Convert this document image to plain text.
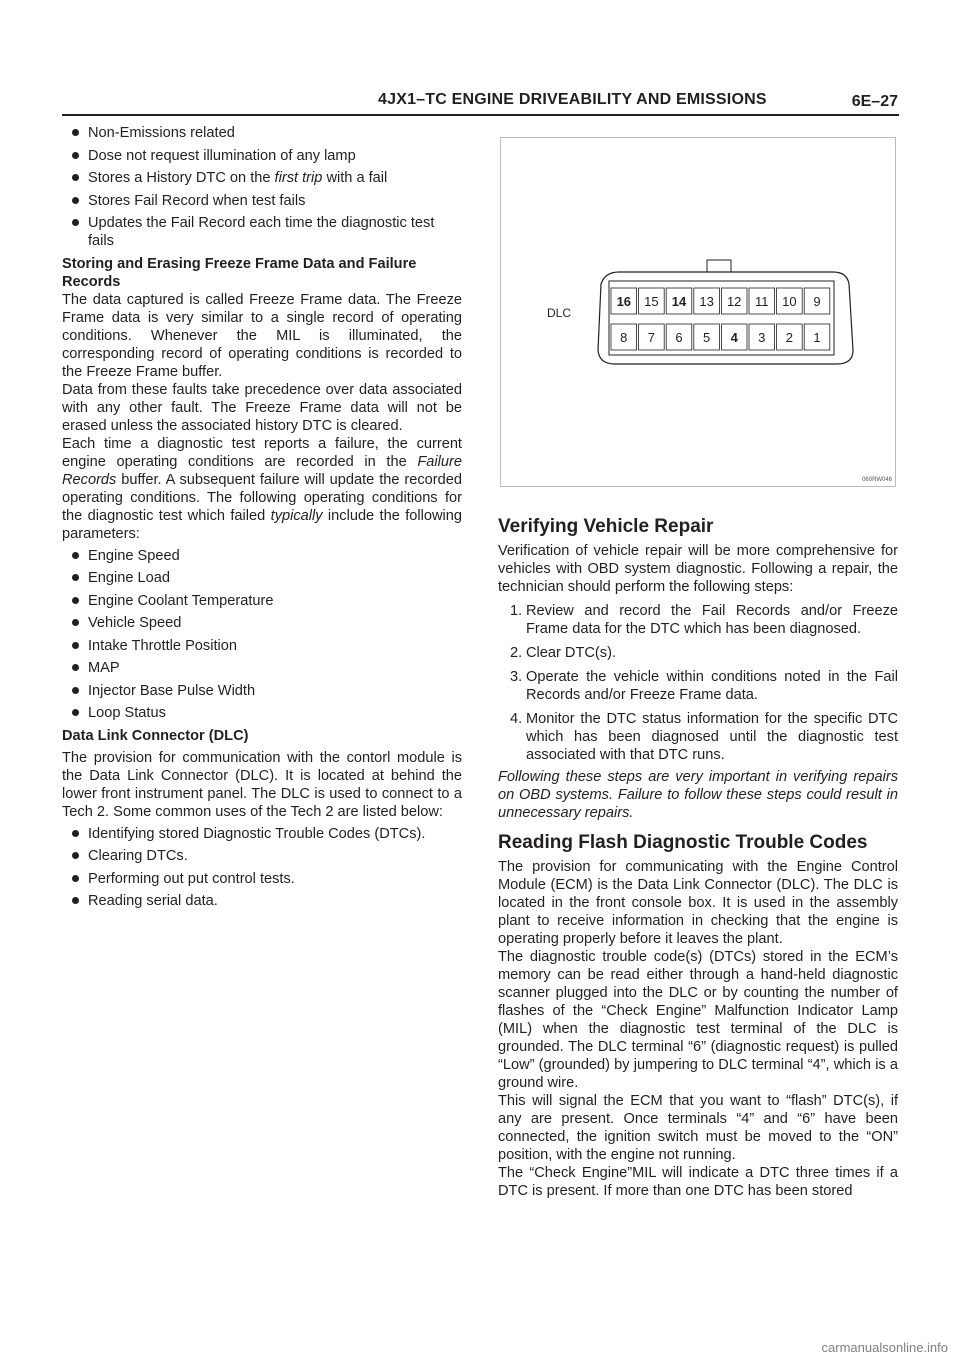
4JX1–TC ENGINE DRIVEABILITY AND EMISSIONS	6E–27
Non-Emissions related
Dose not request illumination of any lamp
Stores a History DTC on the first trip with a fail
Stores Fail Record when test fails
Updates the Fail Record each time the diagnostic test fails
Storing and Erasing Freeze Frame Data and Failure Records
The data captured is called Freeze Frame data. The Freeze Frame data is very similar to a single record of operating conditions. Whenever the MIL is illuminated, the corresponding record of operating conditions is recorded to the Freeze Frame buffer.
Data from these faults take precedence over data associated with any other fault. The Freeze Frame data will not be erased unless the associated history DTC is cleared.
Each time a diagnostic test reports a failure, the current engine operating conditions are recorded in the Failure Records buffer. A subsequent failure will update the recorded operating conditions. The following operating conditions for the diagnostic test which failed typically include the following parameters:
Engine Speed
Engine Load
Engine Coolant Temperature
Vehicle Speed
Intake Throttle Position
MAP
Injector Base Pulse Width
Loop Status
Data Link Connector (DLC)
The provision for communication with the contorl module is the Data Link Connector (DLC). It is located at behind the lower front instrument panel. The DLC is used to connect to a Tech 2. Some common uses of the Tech 2 are listed below:
Identifying stored Diagnostic Trouble Codes (DTCs).
Clearing DTCs.
Performing out put control tests.
Reading serial data.
DLC
16 15 14 13 12 11 10 9
8 7 6 5 4 3 2 1
060RW046
Verifying Vehicle Repair
Verification of vehicle repair will be more comprehensive for vehicles with OBD system diagnostic. Following a repair, the technician should perform the following steps:
1. Review and record the Fail Records and/or Freeze Frame data for the DTC which has been diagnosed.
2. Clear DTC(s).
3. Operate the vehicle within conditions noted in the Fail Records and/or Freeze Frame data.
4. Monitor the DTC status information for the specific DTC which has been diagnosed until the diagnostic test associated with that DTC runs.
Following these steps are very important in verifying repairs on OBD systems. Failure to follow these steps could result in unnecessary repairs.
Reading Flash Diagnostic Trouble Codes
The provision for communicating with the Engine Control Module (ECM) is the Data Link Connector (DLC). The DLC is located in the front console box. It is used in the assembly plant to receive information in checking that the engine is operating properly before it leaves the plant.
The diagnostic trouble code(s) (DTCs) stored in the ECM’s memory can be read either through a hand-held diagnostic scanner plugged into the DLC or by counting the number of flashes of the “Check Engine” Malfunction Indicator Lamp (MIL) when the diagnostic test terminal of the DLC is grounded. The DLC terminal “6” (diagnostic request) is pulled “Low” (grounded) by jumpering to DLC terminal “4”, which is a ground wire.
This will signal the ECM that you want to “flash” DTC(s), if any are present. Once terminals “4” and “6” have been connected, the ignition switch must be moved to the “ON” position, with the engine not running.
The “Check Engine”MIL will indicate a DTC three times if a DTC is present. If more than one DTC has been stored
carmanualsonline.info
